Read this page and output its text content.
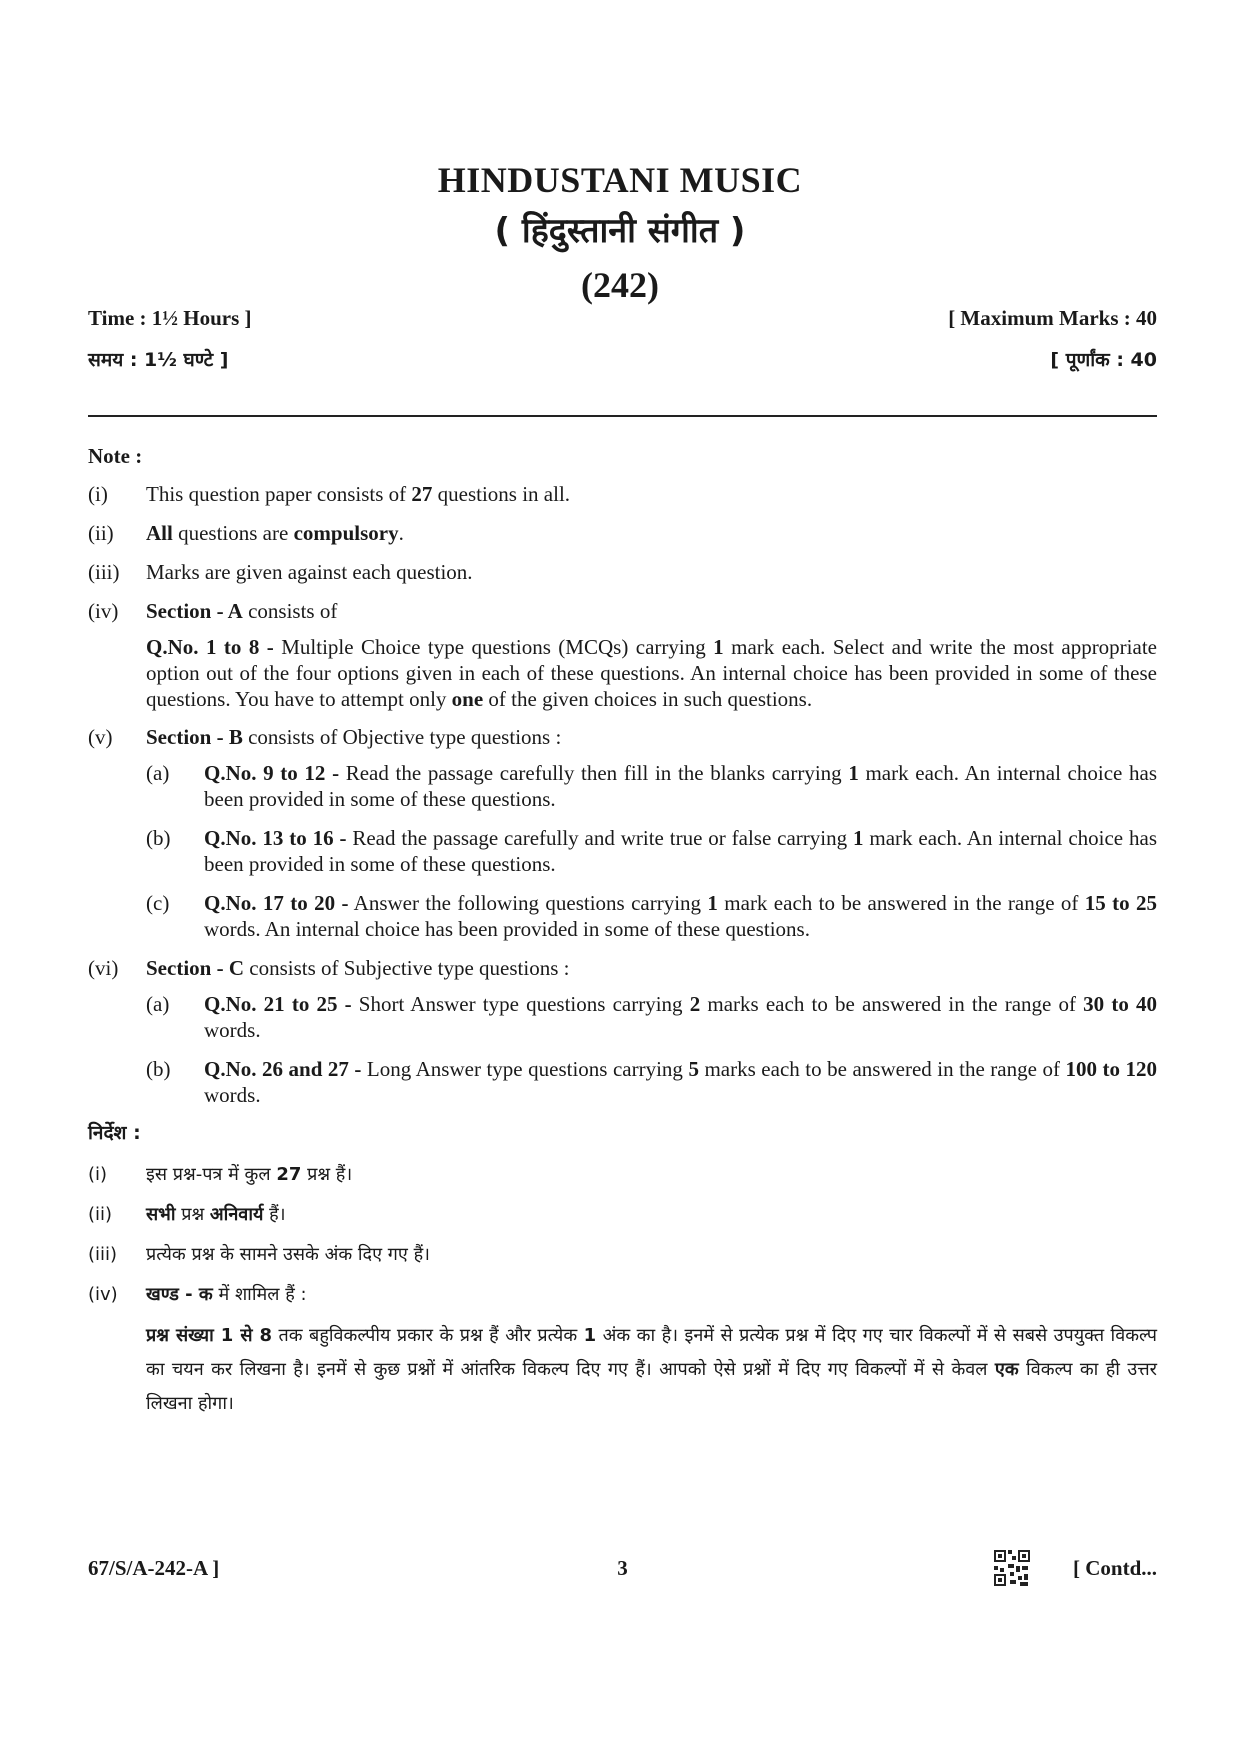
HINDUSTANI MUSIC
( हिंदुस्तानी संगीत )
(242)
Time : 1½ Hours ]	[ Maximum Marks : 40
समय : 1½ घण्टे ]	[ पूर्णांक : 40
Note :
(i)	This question paper consists of 27 questions in all.
(ii)	All questions are compulsory.
(iii)	Marks are given against each question.
(iv)	Section - A consists of
Q.No. 1 to 8 - Multiple Choice type questions (MCQs) carrying 1 mark each. Select and write the most appropriate option out of the four options given in each of these questions. An internal choice has been provided in some of these questions. You have to attempt only one of the given choices in such questions.
(v)	Section - B consists of Objective type questions :
(a)	Q.No. 9 to 12 - Read the passage carefully then fill in the blanks carrying 1 mark each. An internal choice has been provided in some of these questions.
(b)	Q.No. 13 to 16 - Read the passage carefully and write true or false carrying 1 mark each. An internal choice has been provided in some of these questions.
(c)	Q.No. 17 to 20 - Answer the following questions carrying 1 mark each to be answered in the range of 15 to 25 words. An internal choice has been provided in some of these questions.
(vi)	Section - C consists of Subjective type questions :
(a)	Q.No. 21 to 25 - Short Answer type questions carrying 2 marks each to be answered in the range of 30 to 40 words.
(b)	Q.No. 26 and 27 - Long Answer type questions carrying 5 marks each to be answered in the range of 100 to 120 words.
निर्देश :
(i)	इस प्रश्न-पत्र में कुल 27 प्रश्न हैं।
(ii)	सभी प्रश्न अनिवार्य हैं।
(iii)	प्रत्येक प्रश्न के सामने उसके अंक दिए गए हैं।
(iv)	खण्ड - क में शामिल हैं :
प्रश्न संख्या 1 से 8 तक बहुविकल्पीय प्रकार के प्रश्न हैं और प्रत्येक 1 अंक का है। इनमें से प्रत्येक प्रश्न में दिए गए चार विकल्पों में से सबसे उपयुक्त विकल्प का चयन कर लिखना है। इनमें से कुछ प्रश्नों में आंतरिक विकल्प दिए गए हैं। आपको ऐसे प्रश्नों में दिए गए विकल्पों में से केवल एक विकल्प का ही उत्तर लिखना होगा।
67/S/A-242-A ]	3	[ Contd...
